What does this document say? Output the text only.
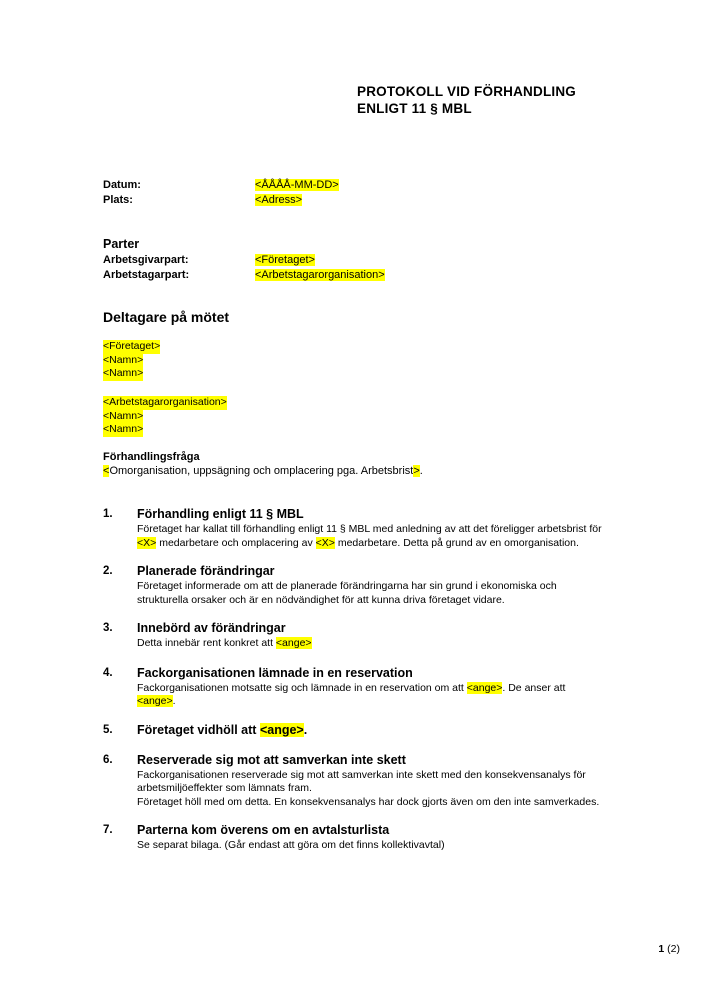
PROTOKOLL VID FÖRHANDLING
ENLIGT 11 § MBL
Datum:	<ÅÅÅÅ-MM-DD>
Plats:	<Adress>
Parter
Arbetsgivarpart:	<Företaget>
Arbetstagarpart:	<Arbetstagarorganisation>
Deltagare på mötet
<Företaget>
<Namn>
<Namn>
<Arbetstagarorganisation>
<Namn>
<Namn>
Förhandlingsfråga
<Omorganisation, uppsägning och omplacering pga. Arbetsbrist>.
1. Förhandling enligt 11 § MBL
Företaget har kallat till förhandling enligt 11 § MBL med anledning av att det föreligger arbetsbrist för <X> medarbetare och omplacering av <X> medarbetare. Detta på grund av en omorganisation.
2. Planerade förändringar
Företaget informerade om att de planerade förändringarna har sin grund i ekonomiska och strukturella orsaker och är en nödvändighet för att kunna driva företaget vidare.
3. Innebörd av förändringar
Detta innebär rent konkret att <ange>
4. Fackorganisationen lämnade in en reservation
Fackorganisationen motsatte sig och lämnade in en reservation om att <ange>. De anser att <ange>.
5. Företaget vidhöll att <ange>.
6. Reserverade sig mot att samverkan inte skett
Fackorganisationen reserverade sig mot att samverkan inte skett med den konsekvensanalys för arbetsmiljöeffekter som lämnats fram.
Företaget höll med om detta. En konsekvensanalys har dock gjorts även om den inte samverkades.
7. Parterna kom överens om en avtalsturlista
Se separat bilaga. (Går endast att göra om det finns kollektivavtal)
1 (2)
